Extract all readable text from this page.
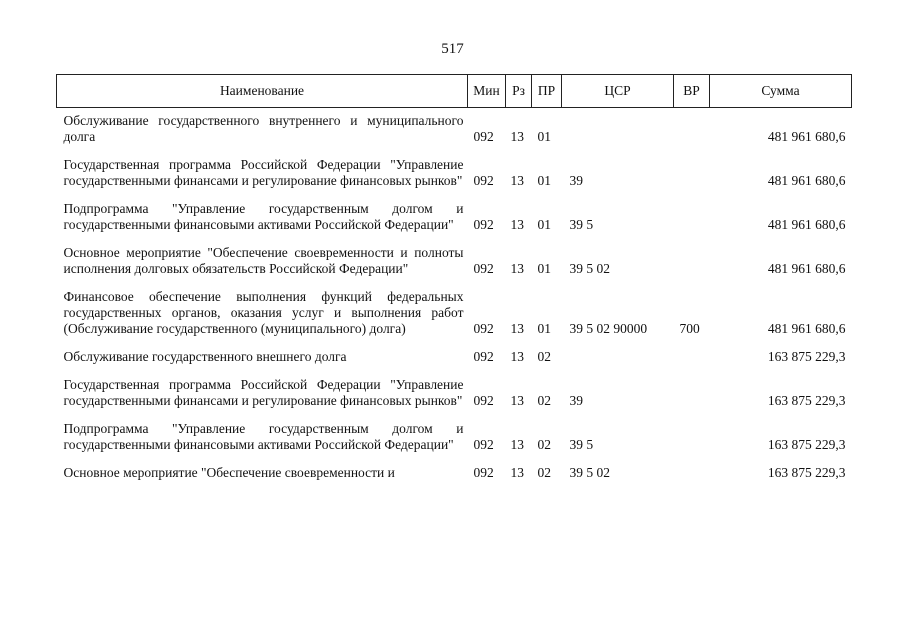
517
Наименование	Мин	Рз	ПР	ЦСР	ВР	Сумма
Обслуживание государственного внутреннего и муниципального долга	092	13	01			481 961 680,6
Государственная программа Российской Федерации "Управление государственными финансами и регулирование финансовых рынков"	092	13	01	39		481 961 680,6
Подпрограмма "Управление государственным долгом и государственными финансовыми активами Российской Федерации"	092	13	01	39 5		481 961 680,6
Основное мероприятие "Обеспечение своевременности и полноты исполнения долговых обязательств Российской Федерации"	092	13	01	39 5 02		481 961 680,6
Финансовое обеспечение выполнения функций федеральных государственных органов, оказания услуг и выполнения работ (Обслуживание государственного (муниципального) долга)	092	13	01	39 5 02 90000	700	481 961 680,6
Обслуживание государственного внешнего долга	092	13	02			163 875 229,3
Государственная программа Российской Федерации "Управление государственными финансами и регулирование финансовых рынков"	092	13	02	39		163 875 229,3
Подпрограмма "Управление государственным долгом и государственными финансовыми активами Российской Федерации"	092	13	02	39 5		163 875 229,3
Основное мероприятие "Обеспечение своевременности и	092	13	02	39 5 02		163 875 229,3
